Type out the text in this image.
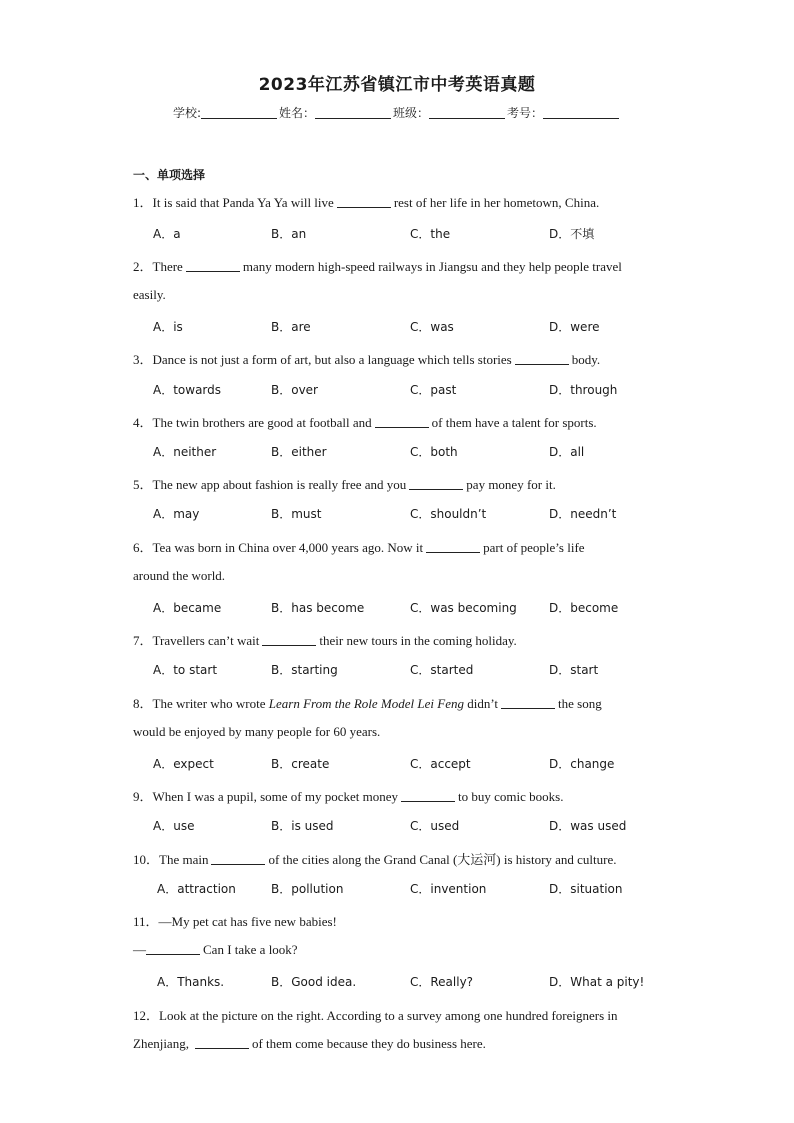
2023年江苏省镇江市中考英语真题
学校:	姓名：	班级：	考号：
一、单项选择
1．It is said that Panda Ya Ya will live	rest of her life in her hometown, China.
A．a	B．an	C．the	D．不填
2．There	many modern high-speed railways in Jiangsu and they help people travel
easily.
A．is	B．are	C．was	D．were
3．Dance is not just a form of art, but also a language which tells stories	body.
A．towards	B．over	C．past	D．through
4．The twin brothers are good at football and	of them have a talent for sports.
A．neither	B．either	C．both	D．all
5．The new app about fashion is really free and you	pay money for it.
A．may	B．must	C．shouldn’t	D．needn’t
6．Tea was born in China over 4,000 years ago. Now it	part of people’s life
around the world.
A．became	B．has become	C．was becoming	D．become
7．Travellers can’t wait	their new tours in the coming holiday.
A．to start	B．starting	C．started	D．start
8．The writer who wrote Learn From the Role Model Lei Feng didn’t	the song
would be enjoyed by many people for 60 years.
A．expect	B．create	C．accept	D．change
9．When I was a pupil, some of my pocket money	to buy comic books.
A．use	B．is used	C．used	D．was used
10．The main	of the cities along the Grand Canal (大运河) is history and culture.
A．attraction	B．pollution	C．invention	D．situation
11．—My pet cat has five new babies!
—	Can I take a look?
A．Thanks.	B．Good idea.	C．Really?	D．What a pity!
12．Look at the picture on the right. According to a survey among one hundred foreigners in
Zhenjiang,	of them come because they do business here.
